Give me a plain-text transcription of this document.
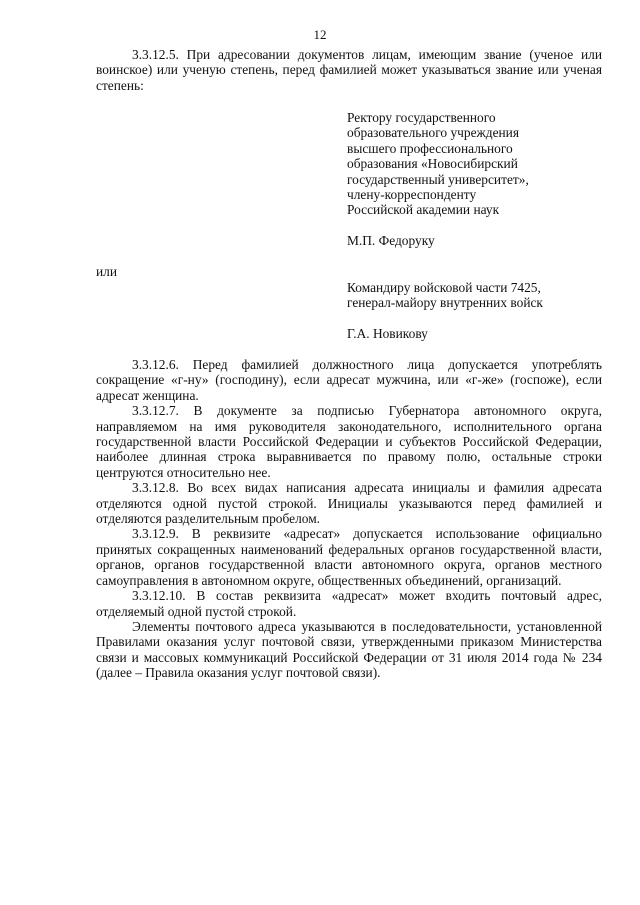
12

3.3.12.5. При адресовании документов лицам, имеющим звание (ученое или воинское) или ученую степень, перед фамилией может указываться звание или ученая степень:

Ректору государственного
образовательного учреждения
высшего профессионального
образования «Новосибирский
государственный университет»,
члену-корреспонденту
Российской академии наук
М.П. Федоруку
или
Командиру войсковой части 7425,
генерал-майору внутренних войск
Г.А. Новикову

3.3.12.6. Перед фамилией должностного лица допускается употреблять сокращение «г-ну» (господину), если адресат мужчина, или «г-же» (госпоже), если адресат женщина.

3.3.12.7. В документе за подписью Губернатора автономного округа, направляемом на имя руководителя законодательного, исполнительного органа государственной власти Российской Федерации и субъектов Российской Федерации, наиболее длинная строка выравнивается по правому полю, остальные строки центруются относительно нее.

3.3.12.8. Во всех видах написания адресата инициалы и фамилия адресата отделяются одной пустой строкой. Инициалы указываются перед фамилией и отделяются разделительным пробелом.

3.3.12.9. В реквизите «адресат» допускается использование официально принятых сокращенных наименований федеральных органов государственной власти, органов, органов государственной власти автономного округа, органов местного самоуправления в автономном округе, общественных объединений, организаций.

3.3.12.10. В состав реквизита «адресат» может входить почтовый адрес, отделяемый одной пустой строкой.

Элементы почтового адреса указываются в последовательности, установленной Правилами оказания услуг почтовой связи, утвержденными приказом Министерства связи и массовых коммуникаций Российской Федерации от 31 июля 2014 года № 234 (далее – Правила оказания услуг почтовой связи).
